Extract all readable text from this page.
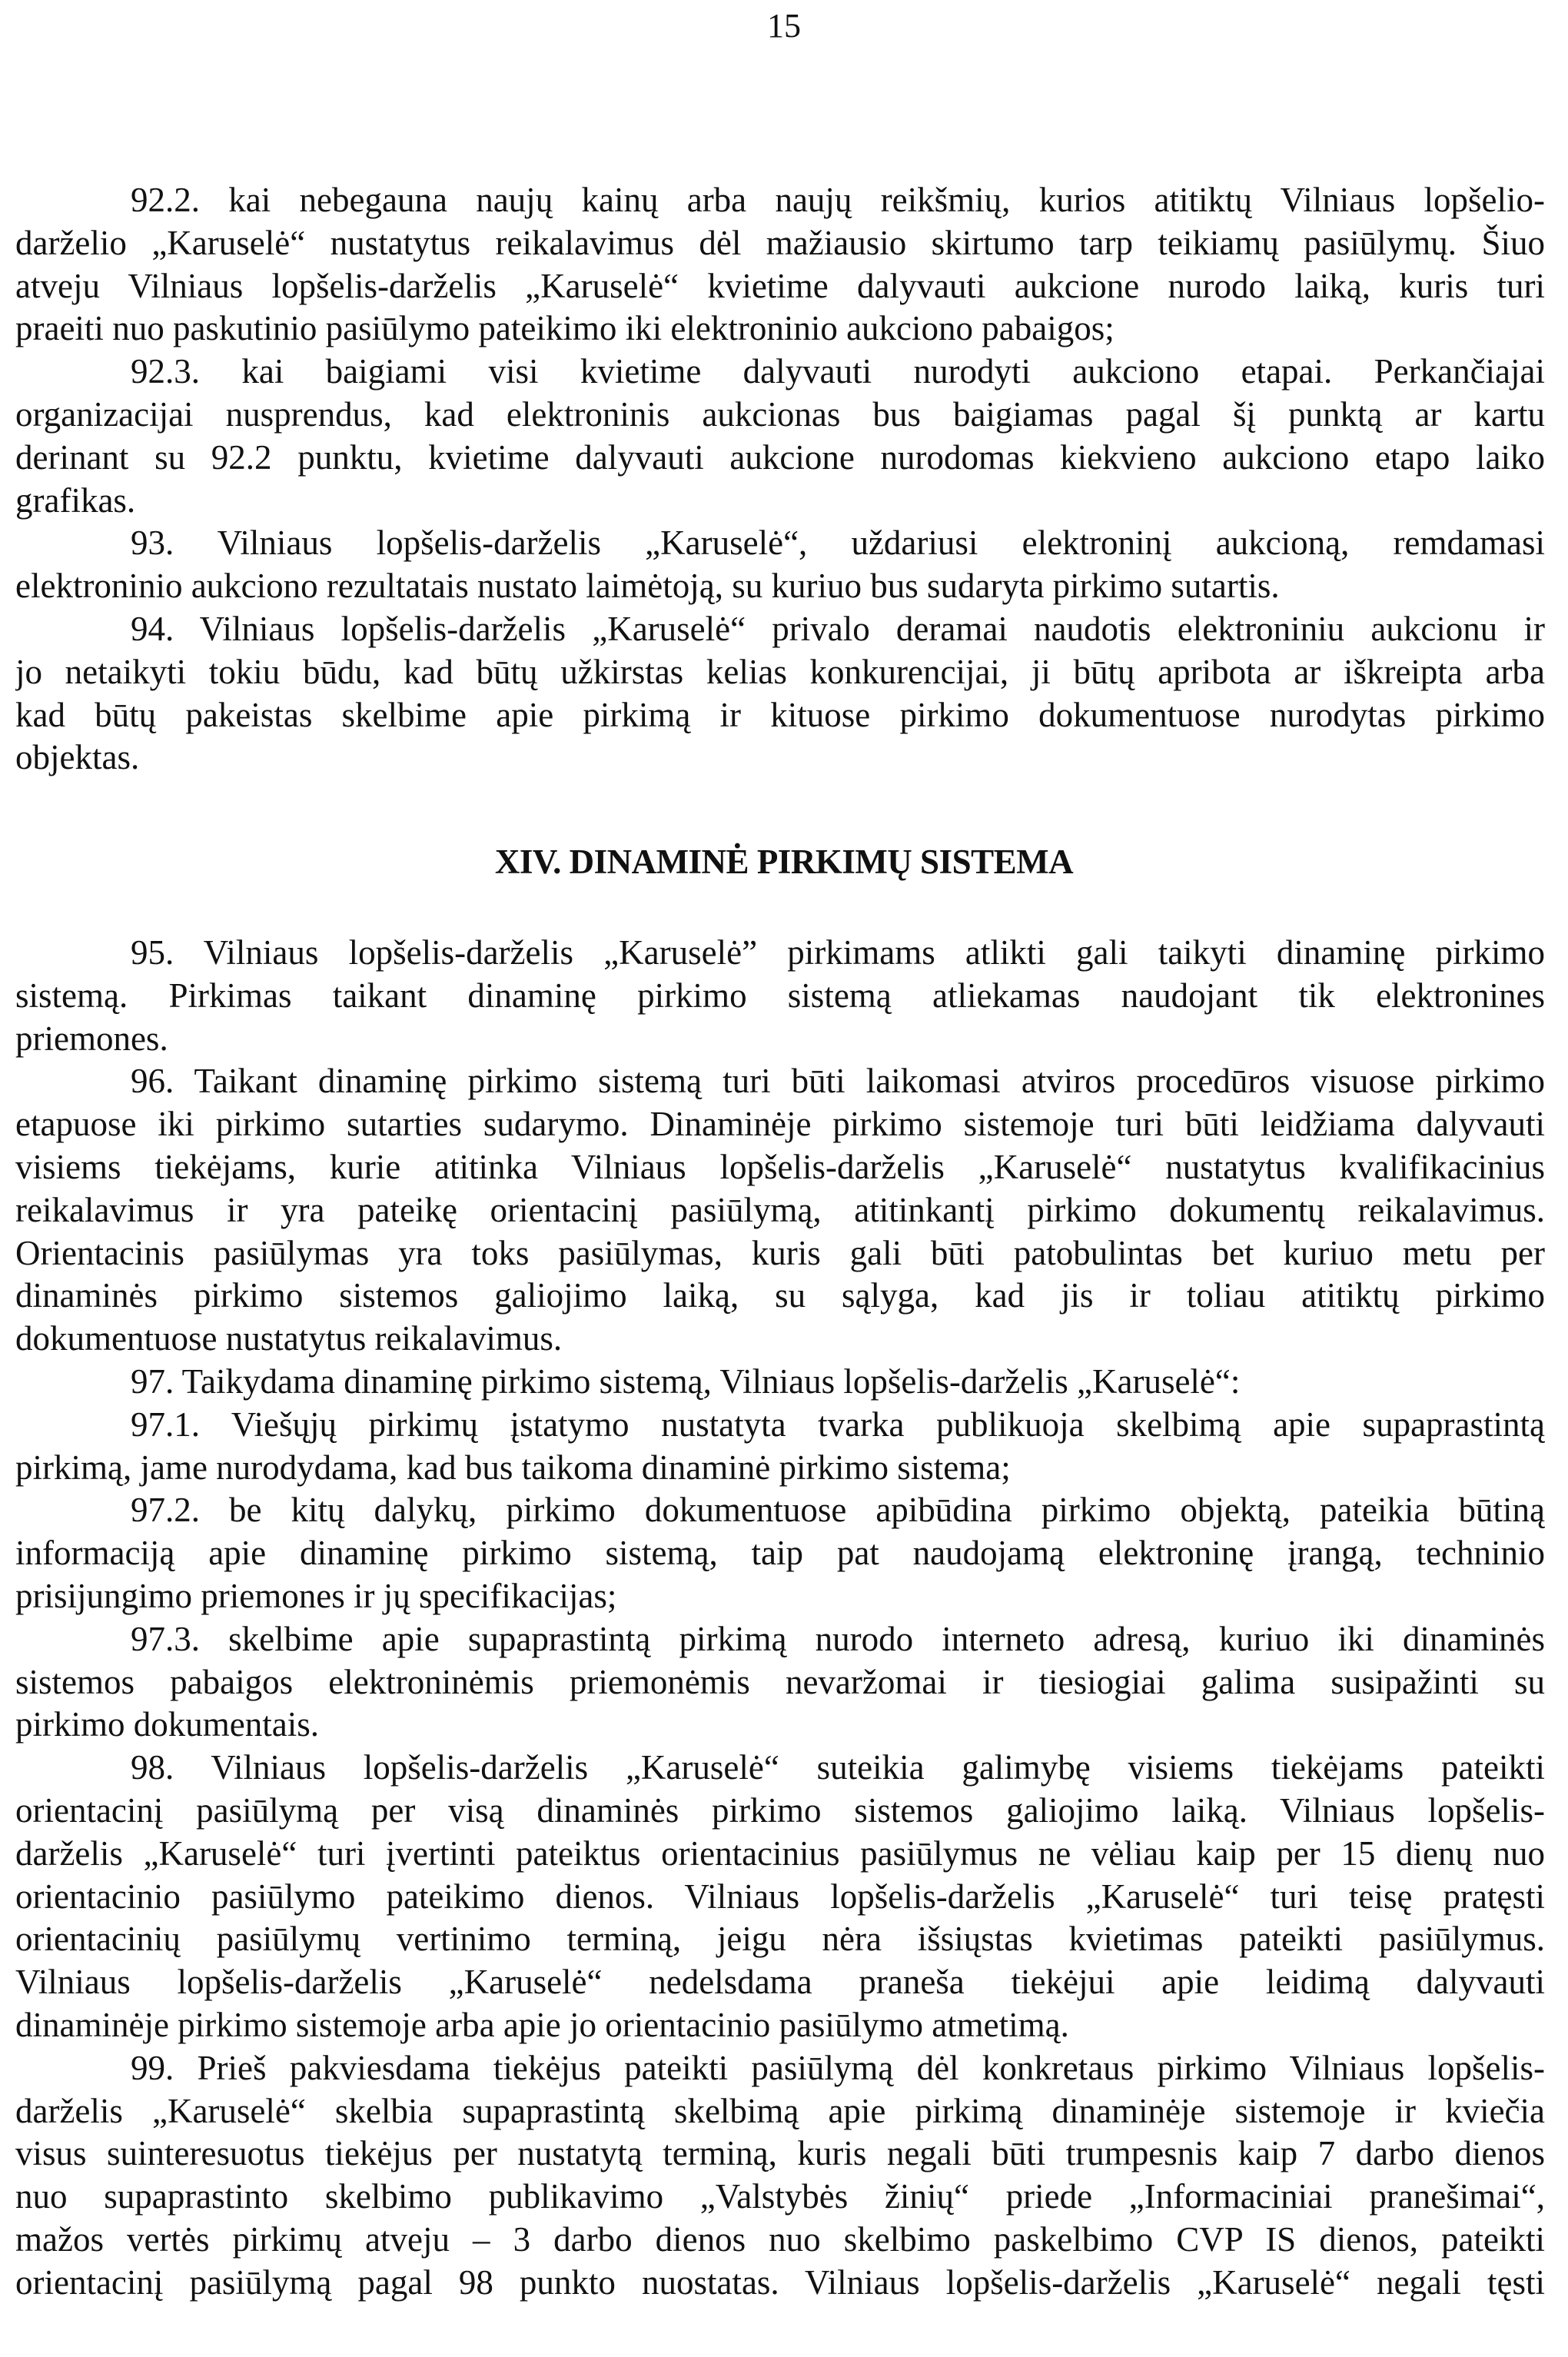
15
92.2. kai nebegauna naujų kainų arba naujų reikšmių, kurios atitiktų Vilniaus lopšelio-
darželio „Karuselė“ nustatytus reikalavimus dėl mažiausio skirtumo tarp teikiamų pasiūlymų. Šiuo
atveju Vilniaus lopšelis-darželis „Karuselė“ kvietime dalyvauti aukcione nurodo laiką, kuris turi
praeiti nuo paskutinio pasiūlymo pateikimo iki elektroninio aukciono pabaigos;
92.3. kai baigiami visi kvietime dalyvauti nurodyti aukciono etapai. Perkančiajai
organizacijai nusprendus, kad elektroninis aukcionas bus baigiamas pagal šį punktą ar kartu
derinant su 92.2 punktu, kvietime dalyvauti aukcione nurodomas kiekvieno aukciono etapo laiko
grafikas.
93. Vilniaus lopšelis-darželis „Karuselė“, uždariusi elektroninį aukcioną, remdamasi
elektroninio aukciono rezultatais nustato laimėtoją, su kuriuo bus sudaryta pirkimo sutartis.
94. Vilniaus lopšelis-darželis „Karuselė“ privalo deramai naudotis elektroniniu aukcionu ir
jo netaikyti tokiu būdu, kad būtų užkirstas kelias konkurencijai, ji būtų apribota ar iškreipta arba
kad būtų pakeistas skelbime apie pirkimą ir kituose pirkimo dokumentuose nurodytas pirkimo
objektas.
XIV. DINAMINĖ PIRKIMŲ SISTEMA
95. Vilniaus lopšelis-darželis „Karuselė” pirkimams atlikti gali taikyti dinaminę pirkimo
sistemą. Pirkimas taikant dinaminę pirkimo sistemą atliekamas naudojant tik elektronines
priemones.
96. Taikant dinaminę pirkimo sistemą turi būti laikomasi atviros procedūros visuose pirkimo
etapuose iki pirkimo sutarties sudarymo. Dinaminėje pirkimo sistemoje turi būti leidžiama dalyvauti
visiems tiekėjams, kurie atitinka Vilniaus lopšelis-darželis „Karuselė“ nustatytus kvalifikacinius
reikalavimus ir yra pateikę orientacinį pasiūlymą, atitinkantį pirkimo dokumentų reikalavimus.
Orientacinis pasiūlymas yra toks pasiūlymas, kuris gali būti patobulintas bet kuriuo metu per
dinaminės pirkimo sistemos galiojimo laiką, su sąlyga, kad jis ir toliau atitiktų pirkimo
dokumentuose nustatytus reikalavimus.
97. Taikydama dinaminę pirkimo sistemą, Vilniaus lopšelis-darželis „Karuselė“:
97.1. Viešųjų pirkimų įstatymo nustatyta tvarka publikuoja skelbimą apie supaprastintą
pirkimą, jame nurodydama, kad bus taikoma dinaminė pirkimo sistema;
97.2. be kitų dalykų, pirkimo dokumentuose apibūdina pirkimo objektą, pateikia būtiną
informaciją apie dinaminę pirkimo sistemą, taip pat naudojamą elektroninę įrangą, techninio
prisijungimo priemones ir jų specifikacijas;
97.3. skelbime apie supaprastintą pirkimą nurodo interneto adresą, kuriuo iki dinaminės
sistemos pabaigos elektroninėmis priemonėmis nevaržomai ir tiesiogiai galima susipažinti su
pirkimo dokumentais.
98. Vilniaus lopšelis-darželis „Karuselė“ suteikia galimybę visiems tiekėjams pateikti
orientacinį pasiūlymą per visą dinaminės pirkimo sistemos galiojimo laiką. Vilniaus lopšelis-
darželis „Karuselė“ turi įvertinti pateiktus orientacinius pasiūlymus ne vėliau kaip per 15 dienų nuo
orientacinio pasiūlymo pateikimo dienos. Vilniaus lopšelis-darželis „Karuselė“ turi teisę pratęsti
orientacinių pasiūlymų vertinimo terminą, jeigu nėra išsiųstas kvietimas pateikti pasiūlymus.
Vilniaus lopšelis-darželis „Karuselė“ nedelsdama praneša tiekėjui apie leidimą dalyvauti
dinaminėje pirkimo sistemoje arba apie jo orientacinio pasiūlymo atmetimą.
99. Prieš pakviesdama tiekėjus pateikti pasiūlymą dėl konkretaus pirkimo Vilniaus lopšelis-
darželis „Karuselė“ skelbia supaprastintą skelbimą apie pirkimą dinaminėje sistemoje ir kviečia
visus suinteresuotus tiekėjus per nustatytą terminą, kuris negali būti trumpesnis kaip 7 darbo dienos
nuo supaprastinto skelbimo publikavimo „Valstybės žinių“ priede „Informaciniai pranešimai“,
mažos vertės pirkimų atveju – 3 darbo dienos nuo skelbimo paskelbimo CVP IS dienos, pateikti
orientacinį pasiūlymą pagal 98 punkto nuostatas. Vilniaus lopšelis-darželis „Karuselė“ negali tęsti
